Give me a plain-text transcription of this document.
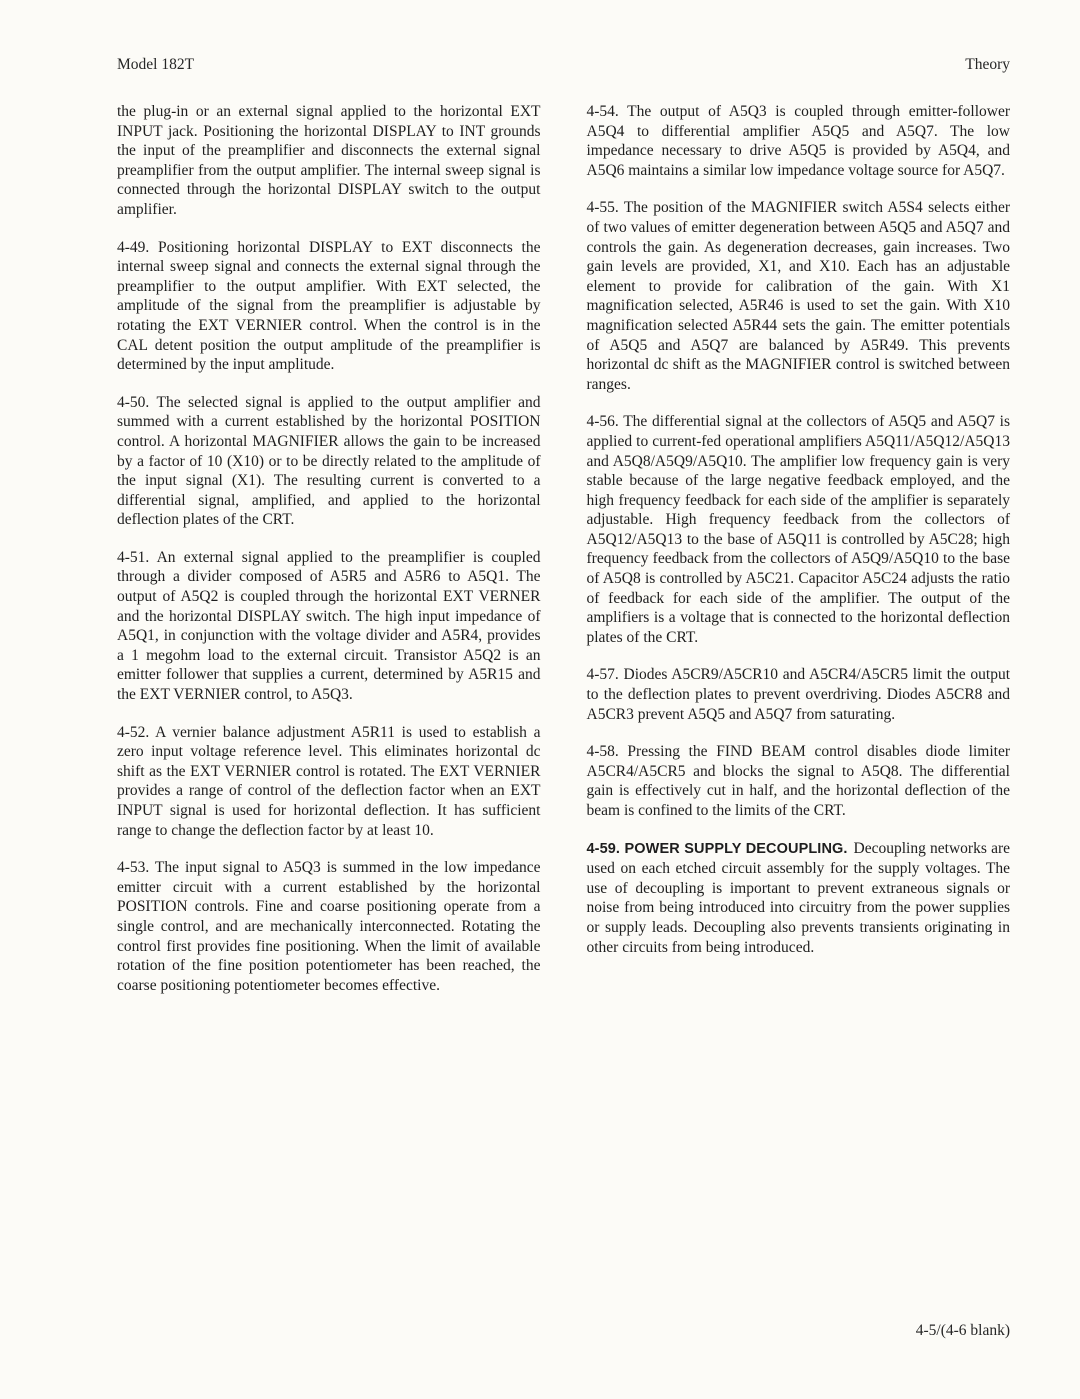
Model 182T	Theory

the plug-in or an external signal applied to the horizontal EXT INPUT jack. Positioning the horizontal DISPLAY to INT grounds the input of the preamplifier and disconnects the external signal preamplifier from the output amplifier. The internal sweep signal is connected through the horizontal DISPLAY switch to the output amplifier.

4-49. Positioning horizontal DISPLAY to EXT disconnects the internal sweep signal and connects the external signal through the preamplifier to the output amplifier. With EXT selected, the amplitude of the signal from the preamplifier is adjustable by rotating the EXT VERNIER control. When the control is in the CAL detent position the output amplitude of the preamplifier is determined by the input amplitude.

4-50. The selected signal is applied to the output amplifier and summed with a current established by the horizontal POSITION control. A horizontal MAGNIFIER allows the gain to be increased by a factor of 10 (X10) or to be directly related to the amplitude of the input signal (X1). The resulting current is converted to a differential signal, amplified, and applied to the horizontal deflection plates of the CRT.

4-51. An external signal applied to the preamplifier is coupled through a divider composed of A5R5 and A5R6 to A5Q1. The output of A5Q2 is coupled through the horizontal EXT VERNER and the horizontal DISPLAY switch. The high input impedance of A5Q1, in conjunction with the voltage divider and A5R4, provides a 1 megohm load to the external circuit. Transistor A5Q2 is an emitter follower that supplies a current, determined by A5R15 and the EXT VERNIER control, to A5Q3.

4-52. A vernier balance adjustment A5R11 is used to establish a zero input voltage reference level. This eliminates horizontal dc shift as the EXT VERNIER control is rotated. The EXT VERNIER provides a range of control of the deflection factor when an EXT INPUT signal is used for horizontal deflection. It has sufficient range to change the deflection factor by at least 10.

4-53. The input signal to A5Q3 is summed in the low impedance emitter circuit with a current established by the horizontal POSITION controls. Fine and coarse positioning operate from a single control, and are mechanically interconnected. Rotating the control first provides fine positioning. When the limit of available rotation of the fine position potentiometer has been reached, the coarse positioning potentiometer becomes effective.

4-54. The output of A5Q3 is coupled through emitter-follower A5Q4 to differential amplifier A5Q5 and A5Q7. The low impedance necessary to drive A5Q5 is provided by A5Q4, and A5Q6 maintains a similar low impedance voltage source for A5Q7.

4-55. The position of the MAGNIFIER switch A5S4 selects either of two values of emitter degeneration between A5Q5 and A5Q7 and controls the gain. As degeneration decreases, gain increases. Two gain levels are provided, X1, and X10. Each has an adjustable element to provide for calibration of the gain. With X1 magnification selected, A5R46 is used to set the gain. With X10 magnification selected A5R44 sets the gain. The emitter potentials of A5Q5 and A5Q7 are balanced by A5R49. This prevents horizontal dc shift as the MAGNIFIER control is switched between ranges.

4-56. The differential signal at the collectors of A5Q5 and A5Q7 is applied to current-fed operational amplifiers A5Q11/A5Q12/A5Q13 and A5Q8/A5Q9/A5Q10. The amplifier low frequency gain is very stable because of the large negative feedback employed, and the high frequency feedback for each side of the amplifier is separately adjustable. High frequency feedback from the collectors of A5Q12/A5Q13 to the base of A5Q11 is controlled by A5C28; high frequency feedback from the collectors of A5Q9/A5Q10 to the base of A5Q8 is controlled by A5C21. Capacitor A5C24 adjusts the ratio of feedback for each side of the amplifier. The output of the amplifiers is a voltage that is connected to the horizontal deflection plates of the CRT.

4-57. Diodes A5CR9/A5CR10 and A5CR4/A5CR5 limit the output to the deflection plates to prevent overdriving. Diodes A5CR8 and A5CR3 prevent A5Q5 and A5Q7 from saturating.

4-58. Pressing the FIND BEAM control disables diode limiter A5CR4/A5CR5 and blocks the signal to A5Q8. The differential gain is effectively cut in half, and the horizontal deflection of the beam is confined to the limits of the CRT.

4-59. POWER SUPPLY DECOUPLING. Decoupling networks are used on each etched circuit assembly for the supply voltages. The use of decoupling is important to prevent extraneous signals or noise from being introduced into circuitry from the power supplies or supply leads. Decoupling also prevents transients originating in other circuits from being introduced.

4-5/(4-6 blank)
